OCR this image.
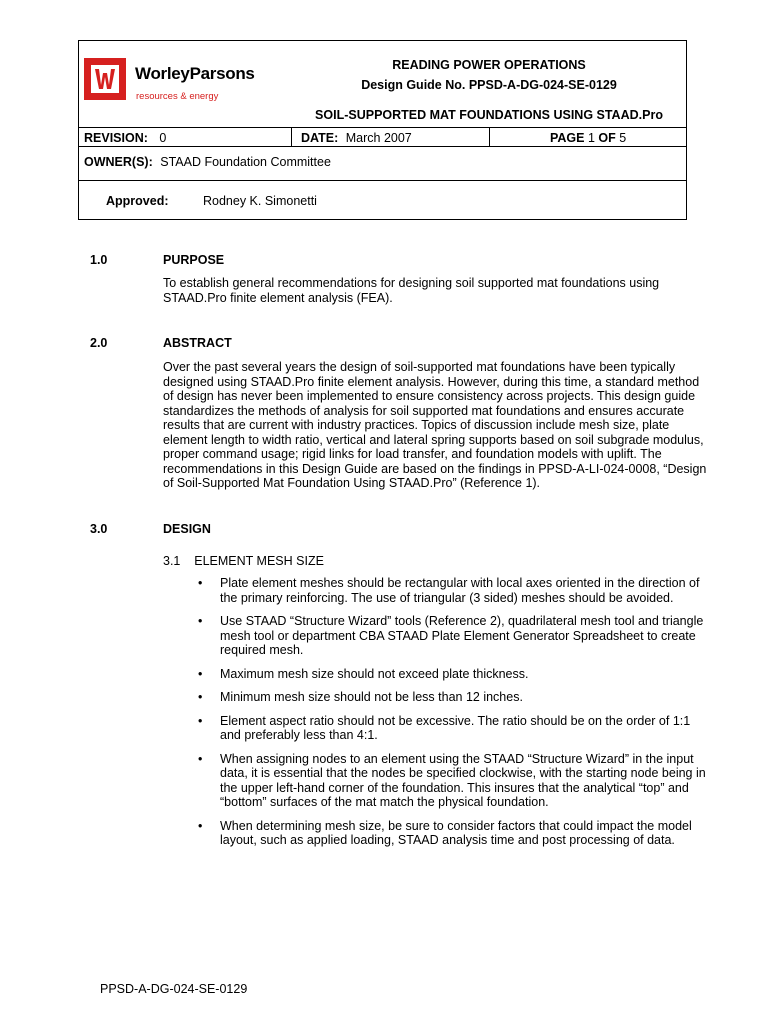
WorleyParsons
resources & energy
READING POWER OPERATIONS
Design Guide No. PPSD-A-DG-024-SE-0129
SOIL-SUPPORTED MAT FOUNDATIONS USING STAAD.Pro
REVISION: 0	DATE: March 2007	PAGE 1 OF 5
OWNER(S): STAAD Foundation Committee
Approved:	Rodney K. Simonetti
1.0	PURPOSE
To establish general recommendations for designing soil supported mat foundations using STAAD.Pro finite element analysis (FEA).
2.0	ABSTRACT
Over the past several years the design of soil-supported mat foundations have been typically designed using STAAD.Pro finite element analysis. However, during this time, a standard method of design has never been implemented to ensure consistency across projects. This design guide standardizes the methods of analysis for soil supported mat foundations and ensures accurate results that are current with industry practices. Topics of discussion include mesh size, plate element length to width ratio, vertical and lateral spring supports based on soil subgrade modulus, proper command usage; rigid links for load transfer, and foundation models with uplift. The recommendations in this Design Guide are based on the findings in PPSD-A-LI-024-0008, “Design of Soil-Supported Mat Foundation Using STAAD.Pro” (Reference 1).
3.0	DESIGN
3.1    ELEMENT MESH SIZE
• Plate element meshes should be rectangular with local axes oriented in the direction of the primary reinforcing. The use of triangular (3 sided) meshes should be avoided.
• Use STAAD “Structure Wizard” tools (Reference 2), quadrilateral mesh tool and triangle mesh tool or department CBA STAAD Plate Element Generator Spreadsheet to create required mesh.
• Maximum mesh size should not exceed plate thickness.
• Minimum mesh size should not be less than 12 inches.
• Element aspect ratio should not be excessive. The ratio should be on the order of 1:1 and preferably less than 4:1.
• When assigning nodes to an element using the STAAD “Structure Wizard” in the input data, it is essential that the nodes be specified clockwise, with the starting node being in the upper left-hand corner of the foundation. This insures that the analytical “top” and “bottom” surfaces of the mat match the physical foundation.
• When determining mesh size, be sure to consider factors that could impact the model layout, such as applied loading, STAAD analysis time and post processing of data.
PPSD-A-DG-024-SE-0129
